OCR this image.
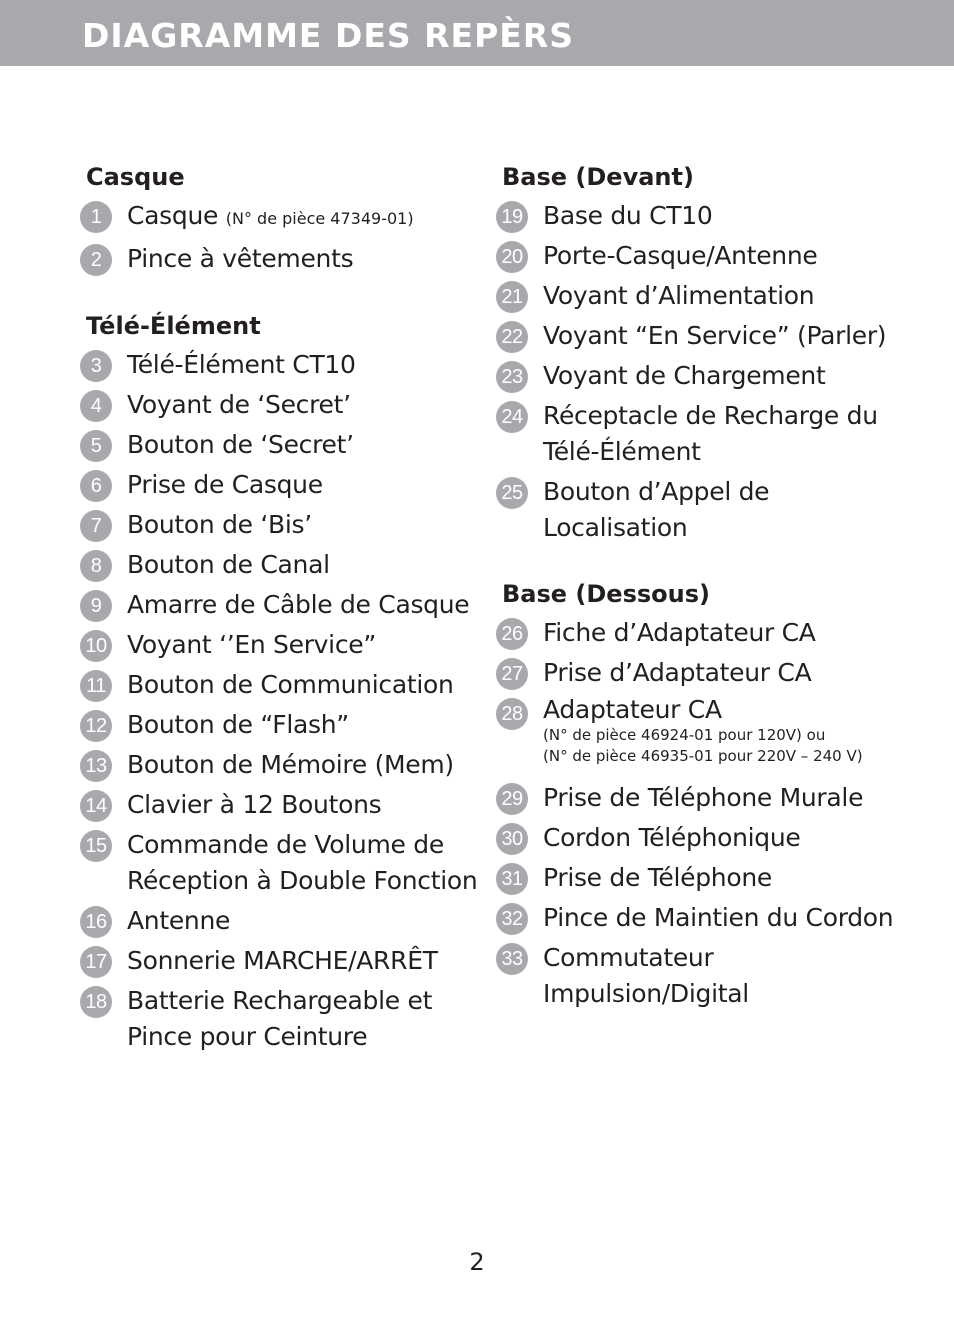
DIAGRAMME DES REPÈRS
Casque
1	Casque (N° de pièce 47349-01)
2	Pince à vêtements
Télé-Élément
3	Télé-Élément CT10
4	Voyant de ‘Secret’
5	Bouton de ‘Secret’
6	Prise de Casque
7	Bouton de ‘Bis’
8	Bouton de Canal
9	Amarre de Câble de Casque
10 Voyant ‘’En Service”
11 Bouton de Communication
12 Bouton de “Flash”
13 Bouton de Mémoire (Mem)
14 Clavier à 12 Boutons
15 Commande de Volume de
Réception à Double Fonction
16 Antenne
17 Sonnerie MARCHE/ARRÊT
18 Batterie Rechargeable et
Pince pour Ceinture
Base (Devant)
19 Base du CT10
20 Porte-Casque/Antenne
21 Voyant d’Alimentation
22 Voyant “En Service” (Parler)
23 Voyant de Chargement
24 Réceptacle de Recharge du
Télé-Élément
25 Bouton d’Appel de
Localisation
Base (Dessous)
26 Fiche d’Adaptateur CA
27 Prise d’Adaptateur CA
28 Adaptateur CA
(N° de pièce 46924-01 pour 120V) ou
(N° de pièce 46935-01 pour 220V – 240 V)
29 Prise de Téléphone Murale
30 Cordon Téléphonique
31 Prise de Téléphone
32 Pince de Maintien du Cordon
33 Commutateur
Impulsion/Digital
2
